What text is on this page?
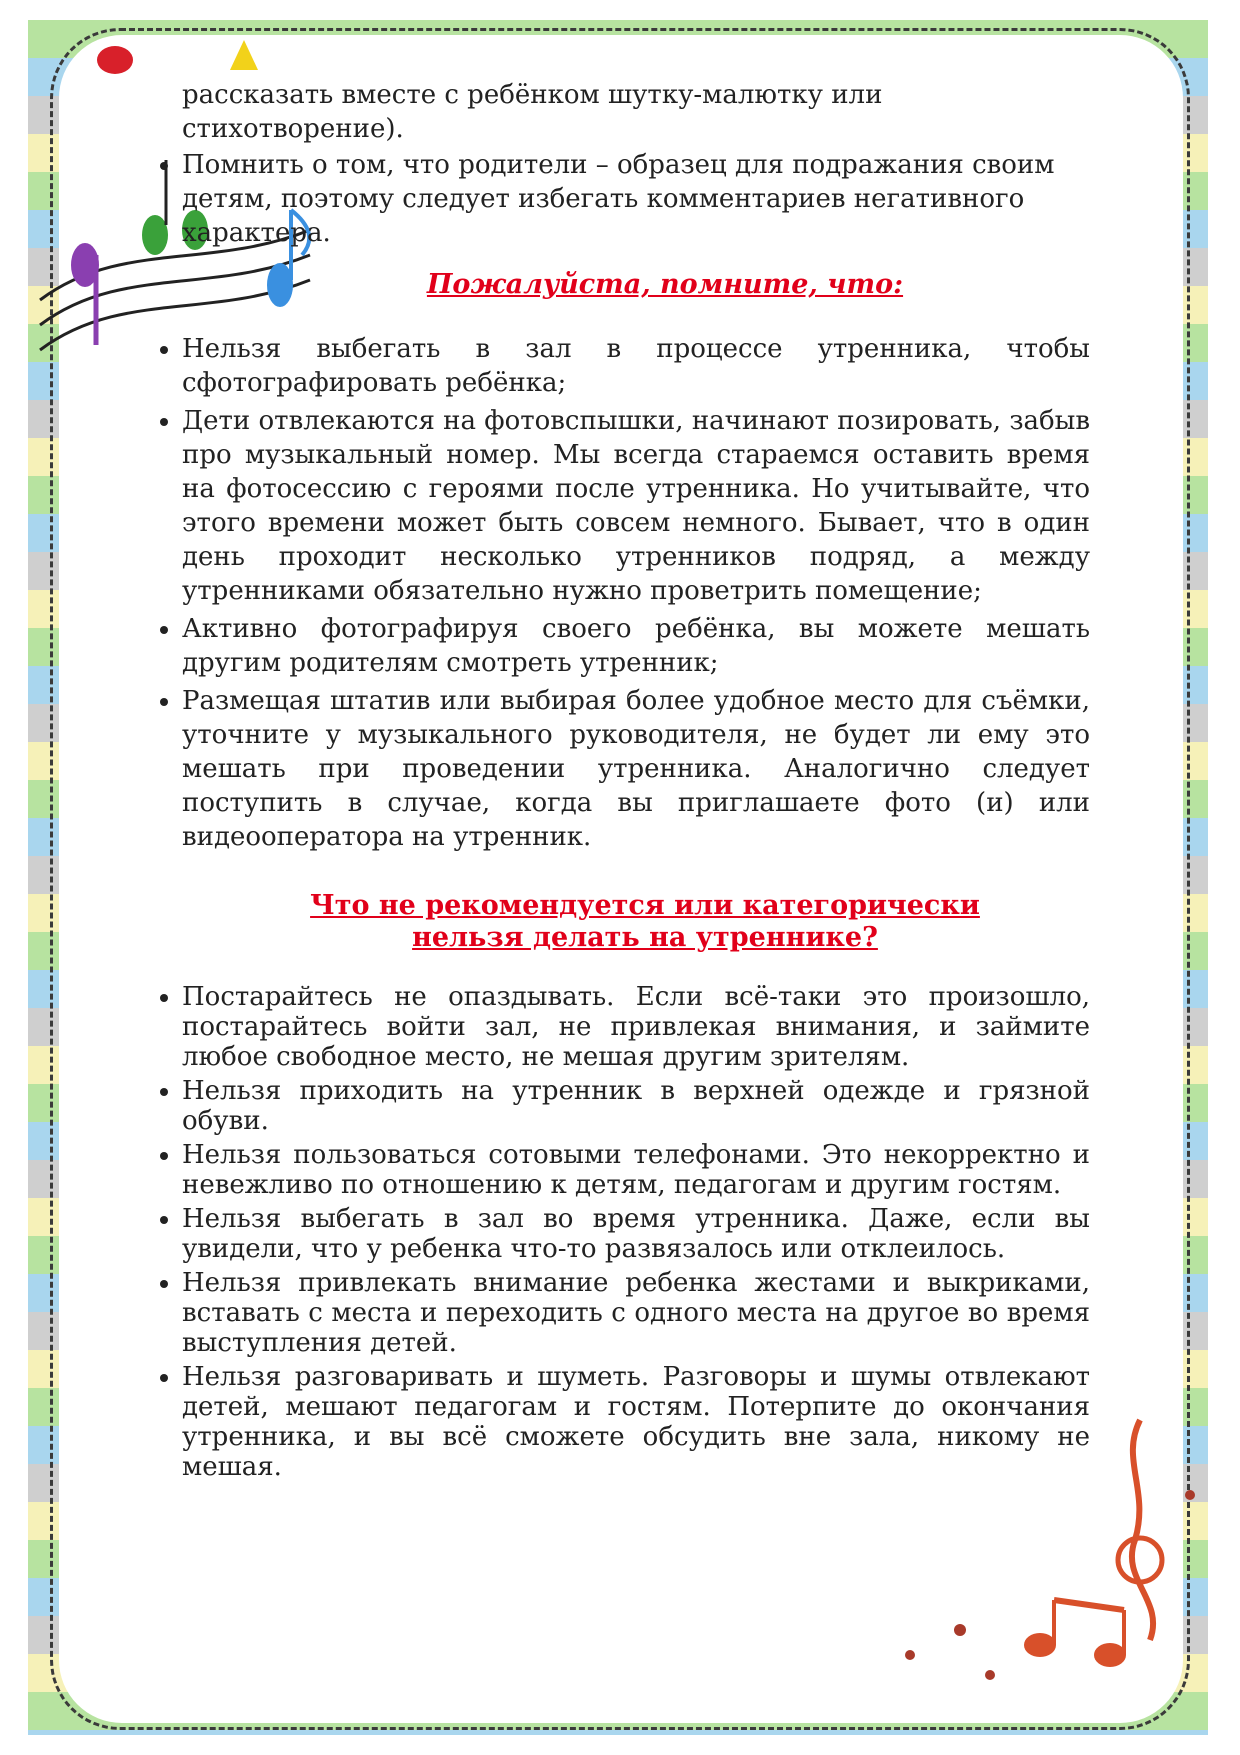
рассказать вместе с ребёнком шутку-малютку или стихотворение).

• Помнить о том, что родители – образец для подражания своим детям, поэтому следует избегать комментариев негативного характера.
Пожалуйста, помните, что:
• Нельзя выбегать в зал в процессе утренника, чтобы сфотографировать ребёнка;
• Дети отвлекаются на фотовспышки, начинают позировать, забыв про музыкальный номер. Мы всегда стараемся оставить время на фотосессию с героями после утренника. Но учитывайте, что этого времени может быть совсем немного. Бывает, что в один день проходит несколько утренников подряд, а между утренниками обязательно нужно проветрить помещение;
• Активно фотографируя своего ребёнка, вы можете мешать другим родителям смотреть утренник;
• Размещая штатив или выбирая более удобное место для съёмки, уточните у музыкального руководителя, не будет ли ему это мешать при проведении утренника. Аналогично следует поступить в случае, когда вы приглашаете фото (и) или видеооператора на утренник.
Что не рекомендуется или категорически
нельзя делать на утреннике?
• Постарайтесь не опаздывать. Если всё-таки это произошло, постарайтесь войти зал, не привлекая внимания, и займите любое свободное место, не мешая другим зрителям.
• Нельзя приходить на утренник в верхней одежде и грязной обуви.
• Нельзя пользоваться сотовыми телефонами. Это некорректно и невежливо по отношению к детям, педагогам и другим гостям.
• Нельзя выбегать в зал во время утренника. Даже, если вы увидели, что у ребенка что-то развязалось или отклеилось.
• Нельзя привлекать внимание ребенка жестами и выкриками, вставать с места и переходить с одного места на другое во время выступления детей.
• Нельзя разговаривать и шуметь. Разговоры и шумы отвлекают детей, мешают педагогам и гостям. Потерпите до окончания утренника, и вы всё сможете обсудить вне зала, никому не мешая.
